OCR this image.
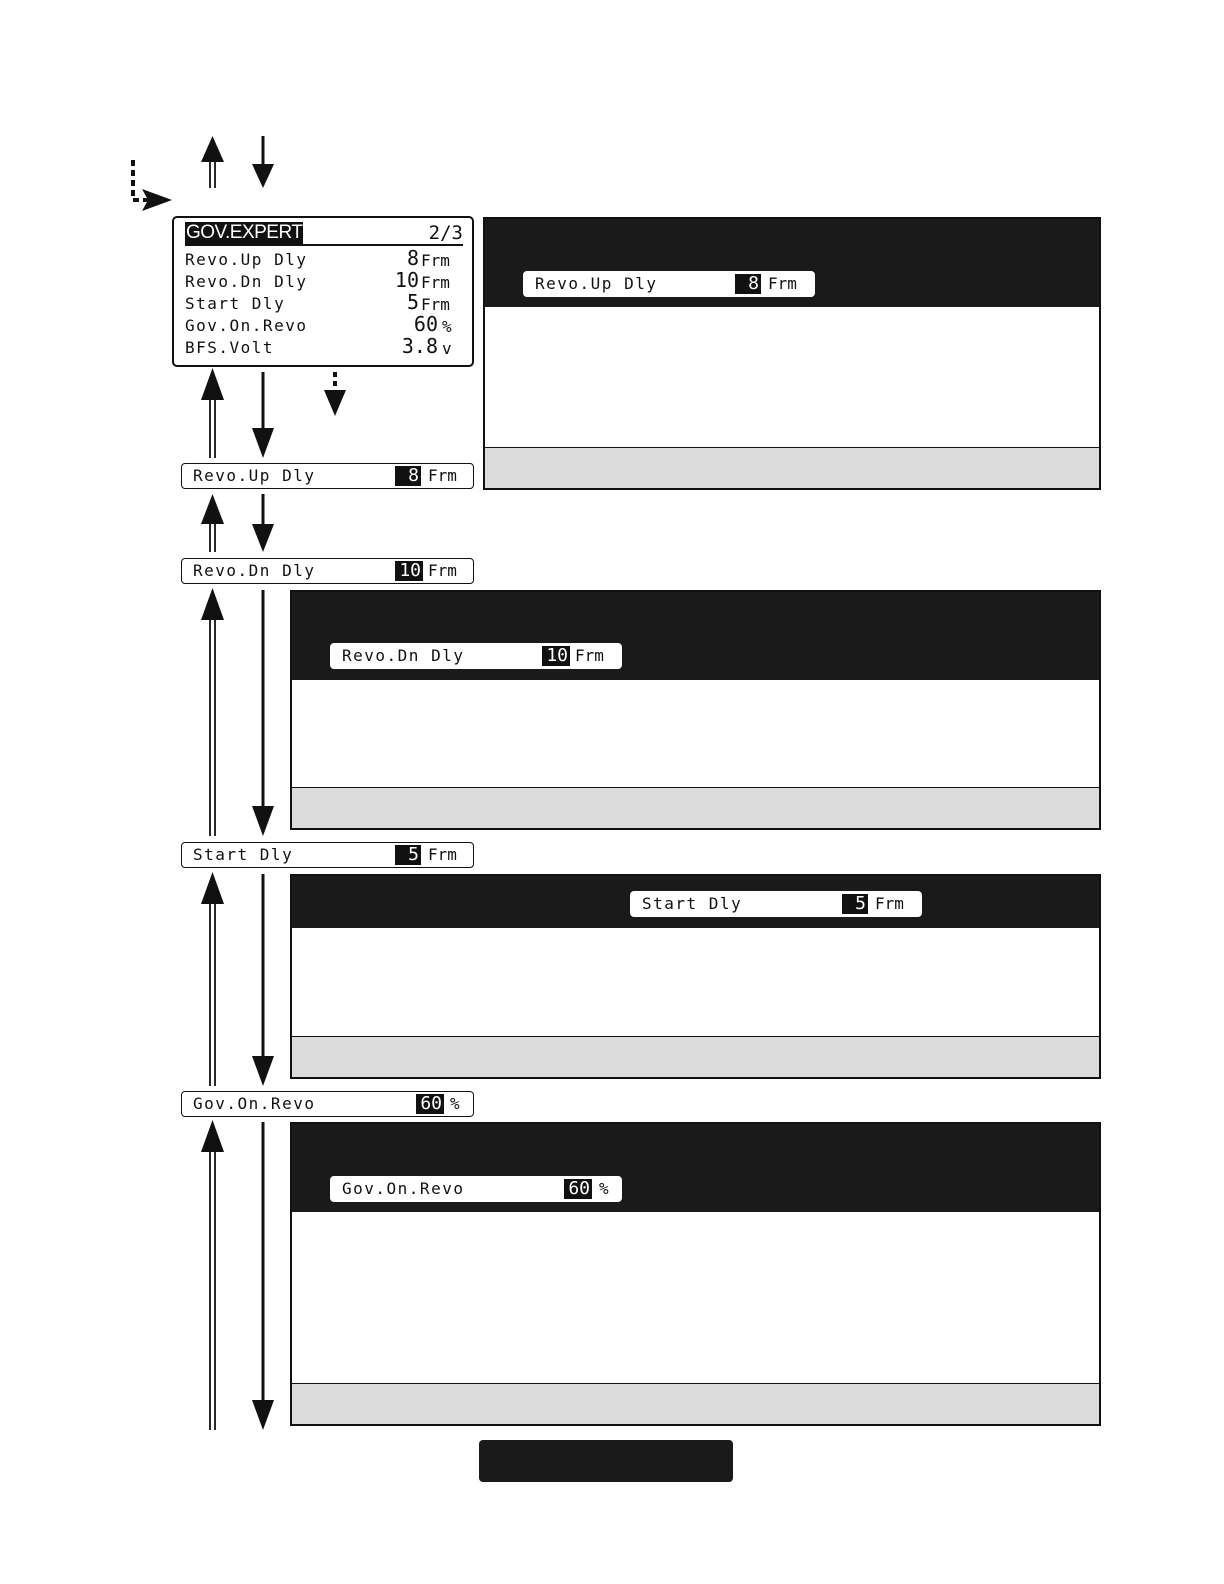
GOV.EXPERT	2/3
Revo.Up Dly	8 Frm
Revo.Dn Dly	10 Frm
Start Dly	5 Frm
Gov.On.Revo	60 %
BFS.Volt	3.8 v
Revo.Up Dly	8 Frm
Revo.Dn Dly	10 Frm
Start Dly	5 Frm
Gov.On.Revo	60 %
Revo.Up Dly	8 Frm
Revo.Dn Dly	10 Frm
Start Dly	5 Frm
Gov.On.Revo	60 %
